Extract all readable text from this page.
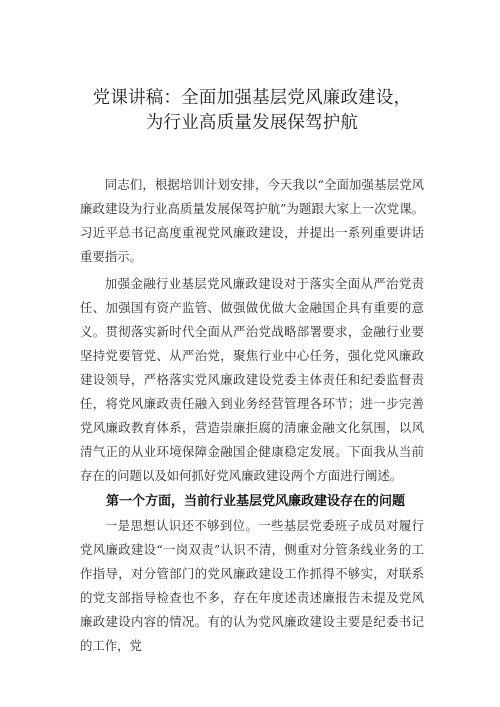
党课讲稿：全面加强基层党风廉政建设，
为行业高质量发展保驾护航

同志们，根据培训计划安排，今天我以“全面加强基层党风廉政建设为行业高质量发展保驾护航”为题跟大家上一次党课。习近平总书记高度重视党风廉政建设，并提出一系列重要讲话重要指示。

加强金融行业基层党风廉政建设对于落实全面从严治党责任、加强国有资产监管、做强做优做大金融国企具有重要的意义。贯彻落实新时代全面从严治党战略部署要求，金融行业要坚持党要管党、从严治党，聚焦行业中心任务，强化党风廉政建设领导，严格落实党风廉政建设党委主体责任和纪委监督责任，将党风廉政责任融入到业务经营管理各环节；进一步完善党风廉政教育体系，营造崇廉拒腐的清廉金融文化氛围，以风清气正的从业环境保障金融国企健康稳定发展。下面我从当前存在的问题以及如何抓好党风廉政建设两个方面进行阐述。

第一个方面，当前行业基层党风廉政建设存在的问题

一是思想认识还不够到位。一些基层党委班子成员对履行党风廉政建设“一岗双责”认识不清，侧重对分管条线业务的工作指导，对分管部门的党风廉政建设工作抓得不够实，对联系的党支部指导检查也不多，存在年度述责述廉报告未提及党风廉政建设内容的情况。有的认为党风廉政建设主要是纪委书记的工作，党
